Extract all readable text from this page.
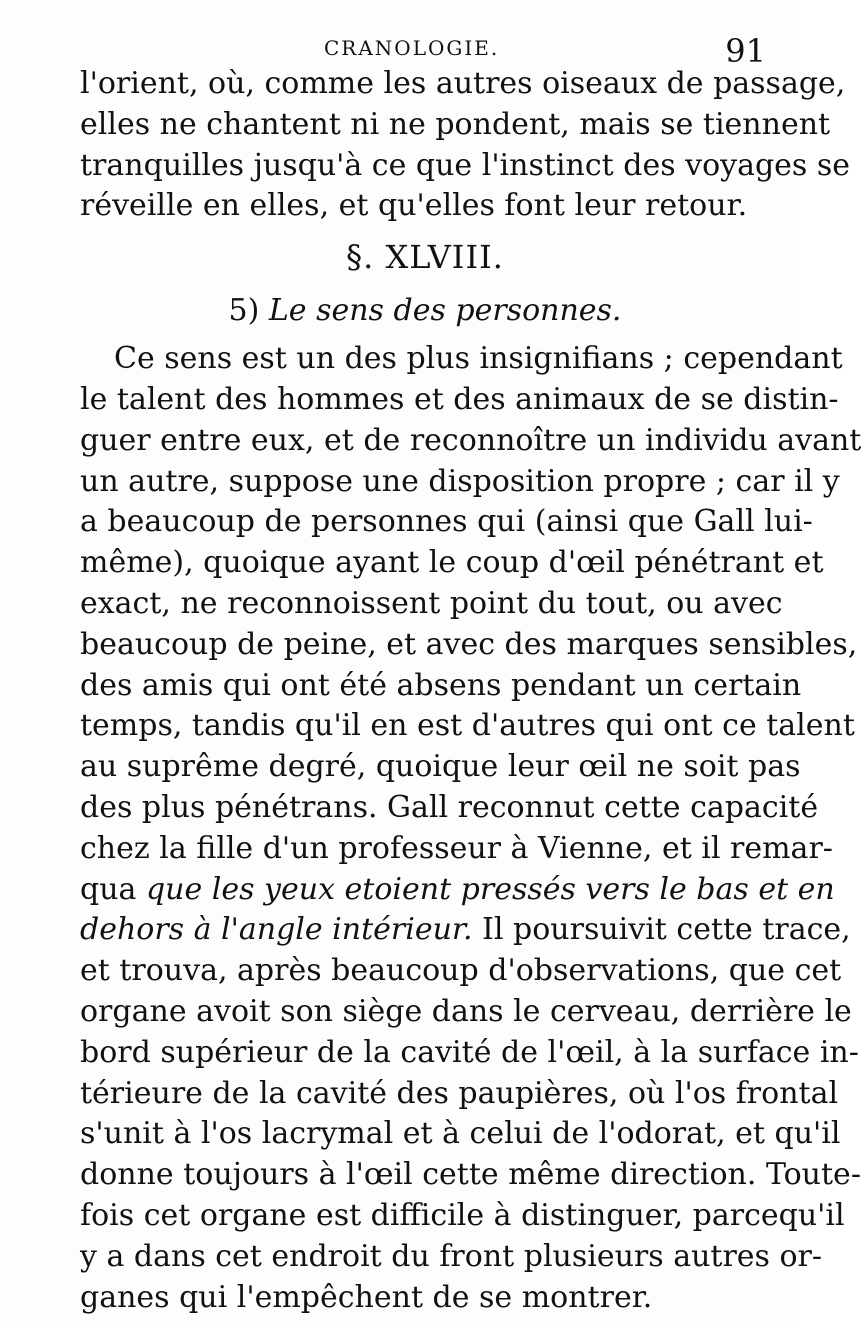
CRANOLOGIE.	91
l'orient, où, comme les autres oiseaux de passage,
elles ne chantent ni ne pondent, mais se tiennent
tranquilles jusqu'à ce que l'instinct des voyages se
réveille en elles, et qu'elles font leur retour.
§. XLVIII.
5) Le sens des personnes.
Ce sens est un des plus insignifians ; cependant
le talent des hommes et des animaux de se distin-
guer entre eux, et de reconnoître un individu avant
un autre, suppose une disposition propre ; car il y
a beaucoup de personnes qui (ainsi que Gall lui-
même), quoique ayant le coup d'œil pénétrant et
exact, ne reconnoissent point du tout, ou avec
beaucoup de peine, et avec des marques sensibles,
des amis qui ont été absens pendant un certain
temps, tandis qu'il en est d'autres qui ont ce talent
au suprême degré, quoique leur œil ne soit pas
des plus pénétrans. Gall reconnut cette capacité
chez la fille d'un professeur à Vienne, et il remar-
qua que les yeux etoient pressés vers le bas et en
dehors à l'angle intérieur. Il poursuivit cette trace,
et trouva, après beaucoup d'observations, que cet
organe avoit son siège dans le cerveau, derrière le
bord supérieur de la cavité de l'œil, à la surface in-
térieure de la cavité des paupières, où l'os frontal
s'unit à l'os lacrymal et à celui de l'odorat, et qu'il
donne toujours à l'œil cette même direction. Toute-
fois cet organe est difficile à distinguer, parcequ'il
y a dans cet endroit du front plusieurs autres or-
ganes qui l'empêchent de se montrer.
